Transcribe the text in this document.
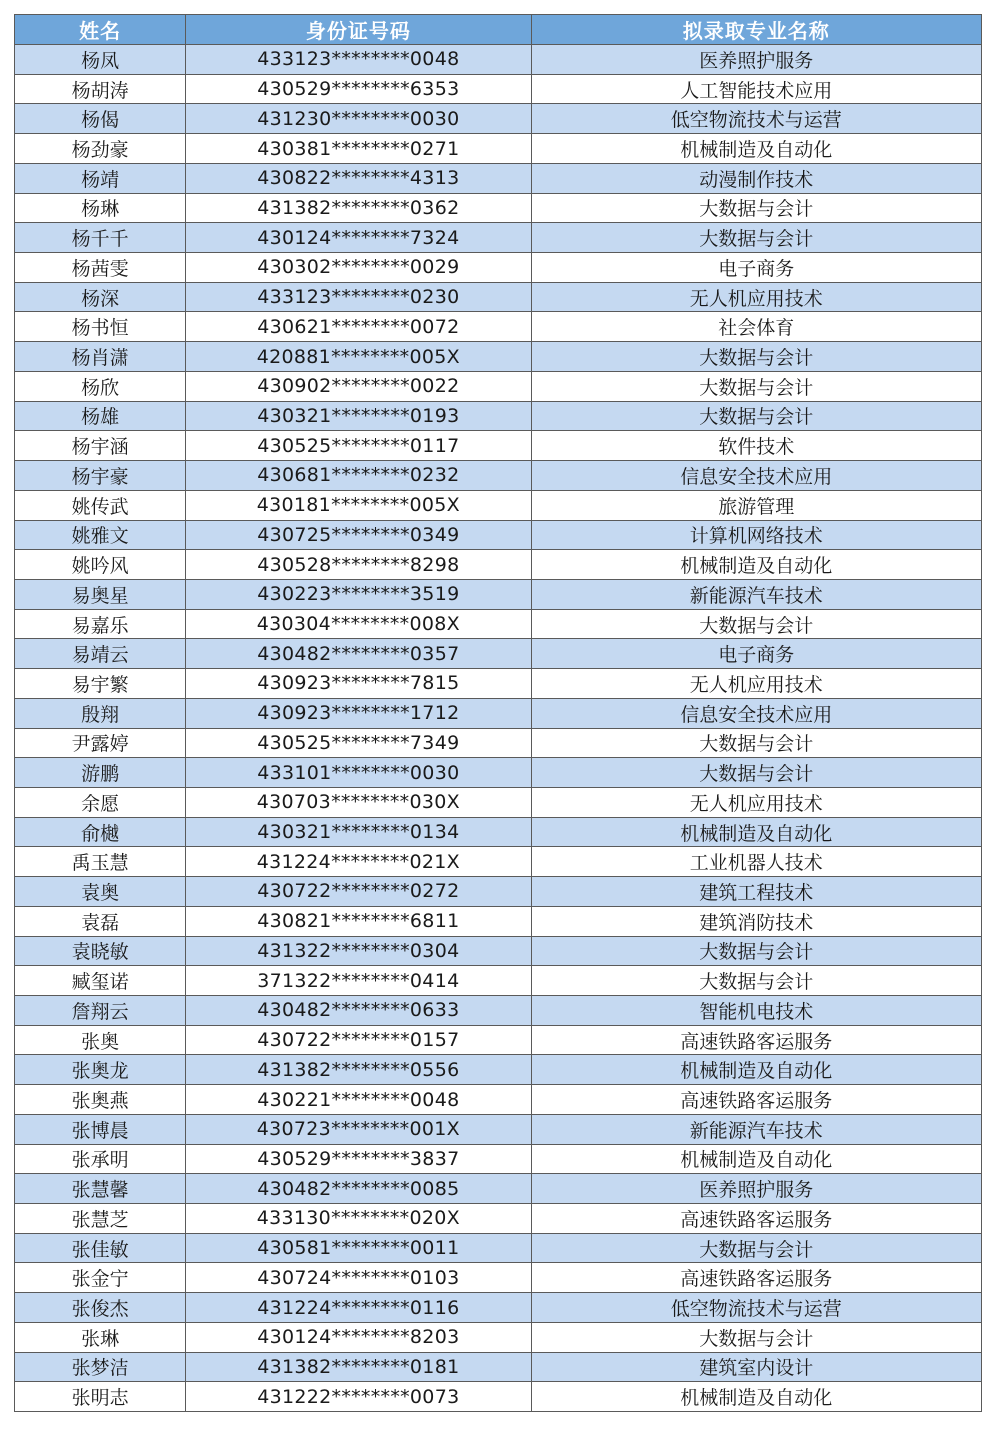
姓名	身份证号码	拟录取专业名称
杨凤	433123********0048	医养照护服务
杨胡涛	430529********6353	人工智能技术应用
杨偈	431230********0030	低空物流技术与运营
杨劲豪	430381********0271	机械制造及自动化
杨靖	430822********4313	动漫制作技术
杨琳	431382********0362	大数据与会计
杨千千	430124********7324	大数据与会计
杨茜雯	430302********0029	电子商务
杨深	433123********0230	无人机应用技术
杨书恒	430621********0072	社会体育
杨肖潇	420881********005X	大数据与会计
杨欣	430902********0022	大数据与会计
杨雄	430321********0193	大数据与会计
杨宇涵	430525********0117	软件技术
杨宇豪	430681********0232	信息安全技术应用
姚传武	430181********005X	旅游管理
姚雅文	430725********0349	计算机网络技术
姚吟风	430528********8298	机械制造及自动化
易奥星	430223********3519	新能源汽车技术
易嘉乐	430304********008X	大数据与会计
易靖云	430482********0357	电子商务
易宇繁	430923********7815	无人机应用技术
殷翔	430923********1712	信息安全技术应用
尹露婷	430525********7349	大数据与会计
游鹏	433101********0030	大数据与会计
余愿	430703********030X	无人机应用技术
俞樾	430321********0134	机械制造及自动化
禹玉慧	431224********021X	工业机器人技术
袁奥	430722********0272	建筑工程技术
袁磊	430821********6811	建筑消防技术
袁晓敏	431322********0304	大数据与会计
臧玺诺	371322********0414	大数据与会计
詹翔云	430482********0633	智能机电技术
张奥	430722********0157	高速铁路客运服务
张奥龙	431382********0556	机械制造及自动化
张奥燕	430221********0048	高速铁路客运服务
张博晨	430723********001X	新能源汽车技术
张承明	430529********3837	机械制造及自动化
张慧馨	430482********0085	医养照护服务
张慧芝	433130********020X	高速铁路客运服务
张佳敏	430581********0011	大数据与会计
张金宁	430724********0103	高速铁路客运服务
张俊杰	431224********0116	低空物流技术与运营
张琳	430124********8203	大数据与会计
张梦洁	431382********0181	建筑室内设计
张明志	431222********0073	机械制造及自动化
